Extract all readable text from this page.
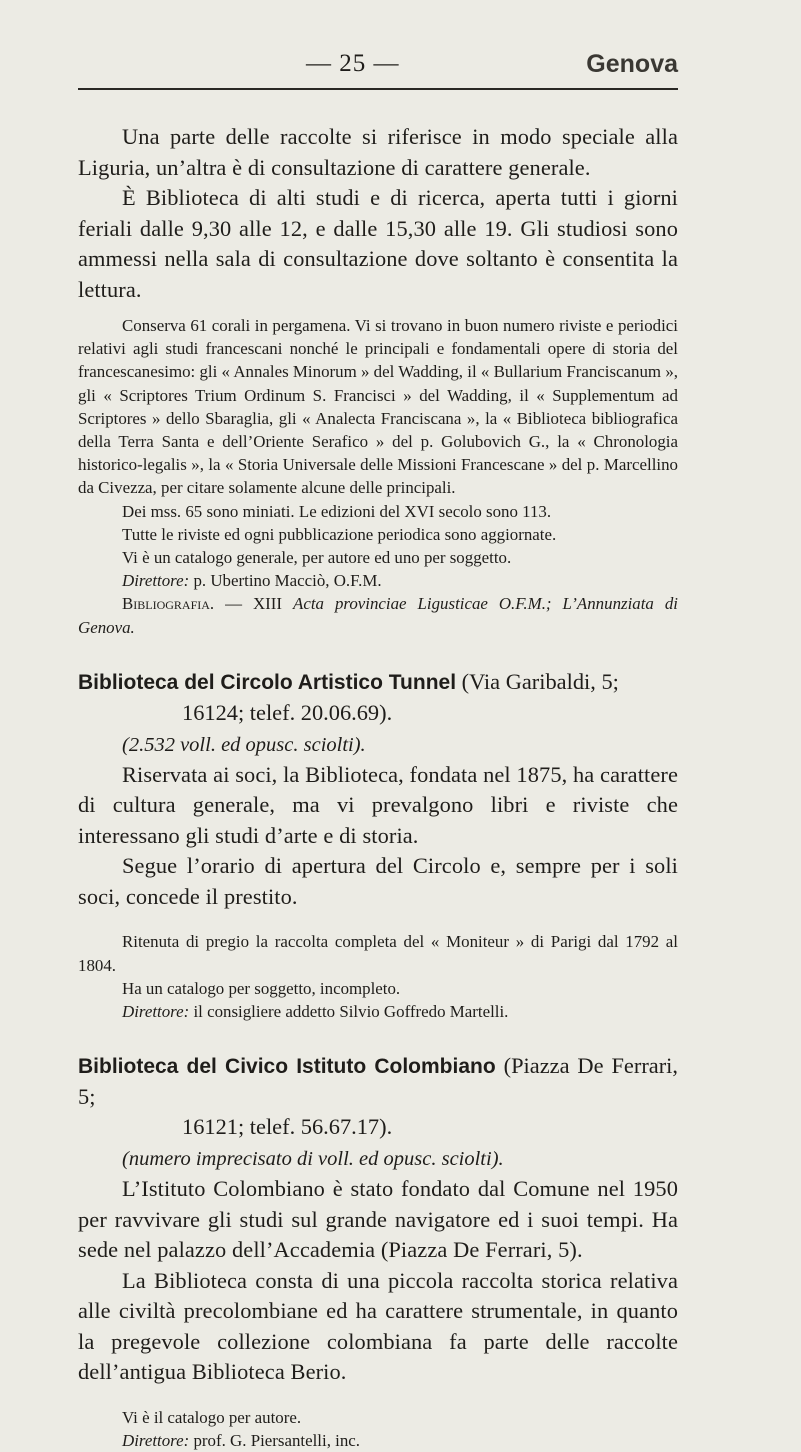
— 25 —	Genova

Una parte delle raccolte si riferisce in modo speciale alla Liguria, un’altra è di consultazione di carattere generale.

È Biblioteca di alti studi e di ricerca, aperta tutti i giorni feriali dalle 9,30 alle 12, e dalle 15,30 alle 19. Gli studiosi sono ammessi nella sala di consultazione dove soltanto è consentita la lettura.

Conserva 61 corali in pergamena. Vi si trovano in buon numero riviste e periodici relativi agli studi francescani nonché le principali e fondamentali opere di storia del francescanesimo: gli « Annales Minorum » del Wadding, il « Bullarium Franciscanum », gli « Scriptores Trium Ordinum S. Francisci » del Wadding, il « Supplementum ad Scriptores » dello Sbaraglia, gli « Analecta Franciscana », la « Biblioteca bibliografica della Terra Santa e dell’Oriente Serafico » del p. Golubovich G., la « Chronologia historico-legalis », la « Storia Universale delle Missioni Francescane » del p. Marcellino da Civezza, per citare solamente alcune delle principali.

Dei mss. 65 sono miniati. Le edizioni del XVI secolo sono 113.

Tutte le riviste ed ogni pubblicazione periodica sono aggiornate.

Vi è un catalogo generale, per autore ed uno per soggetto.

Direttore: p. Ubertino Macciò, O.F.M.

Bibliografia. — XIII Acta provinciae Ligusticae O.F.M.; L’Annunziata di Genova.

Biblioteca del Circolo Artistico Tunnel (Via Garibaldi, 5;
16124; telef. 20.06.69).

(2.532 voll. ed opusc. sciolti).

Riservata ai soci, la Biblioteca, fondata nel 1875, ha carattere di cultura generale, ma vi prevalgono libri e riviste che interessano gli studi d’arte e di storia.

Segue l’orario di apertura del Circolo e, sempre per i soli soci, concede il prestito.

Ritenuta di pregio la raccolta completa del « Moniteur » di Parigi dal 1792 al 1804.

Ha un catalogo per soggetto, incompleto.

Direttore: il consigliere addetto Silvio Goffredo Martelli.

Biblioteca del Civico Istituto Colombiano (Piazza De Ferrari, 5;
16121; telef. 56.67.17).

(numero imprecisato di voll. ed opusc. sciolti).

L’Istituto Colombiano è stato fondato dal Comune nel 1950 per ravvivare gli studi sul grande navigatore ed i suoi tempi. Ha sede nel palazzo dell’Accademia (Piazza De Ferrari, 5).

La Biblioteca consta di una piccola raccolta storica relativa alle civiltà precolombiane ed ha carattere strumentale, in quanto la pregevole collezione colombiana fa parte delle raccolte dell’antigua Biblioteca Berio.

Vi è il catalogo per autore.

Direttore: prof. G. Piersantelli, inc.
